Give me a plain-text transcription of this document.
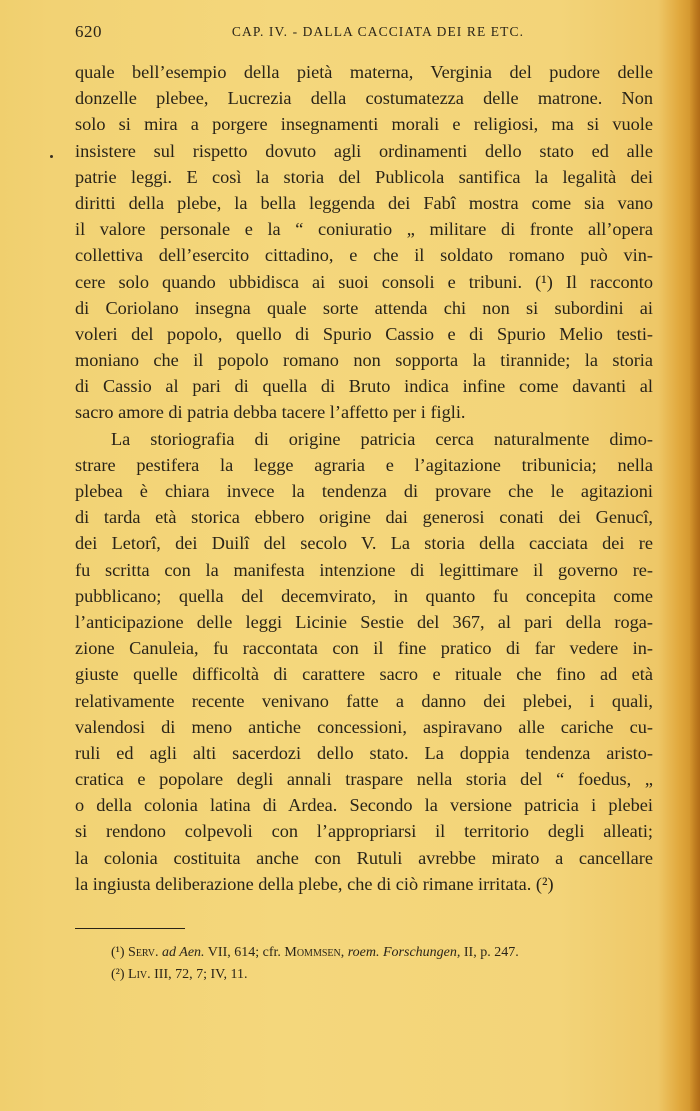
620	CAP. IV. - DALLA CACCIATA DEI RE ETC.
quale bell’esempio della pietà materna, Verginia del pudore delle
donzelle plebee, Lucrezia della costumatezza delle matrone. Non
solo si mira a porgere insegnamenti morali e religiosi, ma si vuole
insistere sul rispetto dovuto agli ordinamenti dello stato ed alle
patrie leggi. E così la storia del Publicola santifica la legalità dei
diritti della plebe, la bella leggenda dei Fabî mostra come sia vano
il valore personale e la “ coniuratio „ militare di fronte all’opera
collettiva dell’esercito cittadino, e che il soldato romano può vin-
cere solo quando ubbidisca ai suoi consoli e tribuni. (¹) Il racconto
di Coriolano insegna quale sorte attenda chi non si subordini ai
voleri del popolo, quello di Spurio Cassio e di Spurio Melio testi-
moniano che il popolo romano non sopporta la tirannide; la storia
di Cassio al pari di quella di Bruto indica infine come davanti al
sacro amore di patria debba tacere l’affetto per i figli.
La storiografia di origine patricia cerca naturalmente dimo-
strare pestifera la legge agraria e l’agitazione tribunicia; nella
plebea è chiara invece la tendenza di provare che le agitazioni
di tarda età storica ebbero origine dai generosi conati dei Genucî,
dei Letorî, dei Duilî del secolo V. La storia della cacciata dei re
fu scritta con la manifesta intenzione di legittimare il governo re-
pubblicano; quella del decemvirato, in quanto fu concepita come
l’anticipazione delle leggi Licinie Sestie del 367, al pari della roga-
zione Canuleia, fu raccontata con il fine pratico di far vedere in-
giuste quelle difficoltà di carattere sacro e rituale che fino ad età
relativamente recente venivano fatte a danno dei plebei, i quali,
valendosi di meno antiche concessioni, aspiravano alle cariche cu-
ruli ed agli alti sacerdozi dello stato. La doppia tendenza aristo-
cratica e popolare degli annali traspare nella storia del “ foedus, „
o della colonia latina di Ardea. Secondo la versione patricia i plebei
si rendono colpevoli con l’appropriarsi il territorio degli alleati;
la colonia costituita anche con Rutuli avrebbe mirato a cancellare
la ingiusta deliberazione della plebe, che di ciò rimane irritata. (²)
(¹) Serv. ad Aen. VII, 614; cfr. Mommsen, roem. Forschungen, II, p. 247.
(²) Liv. III, 72, 7; IV, 11.
